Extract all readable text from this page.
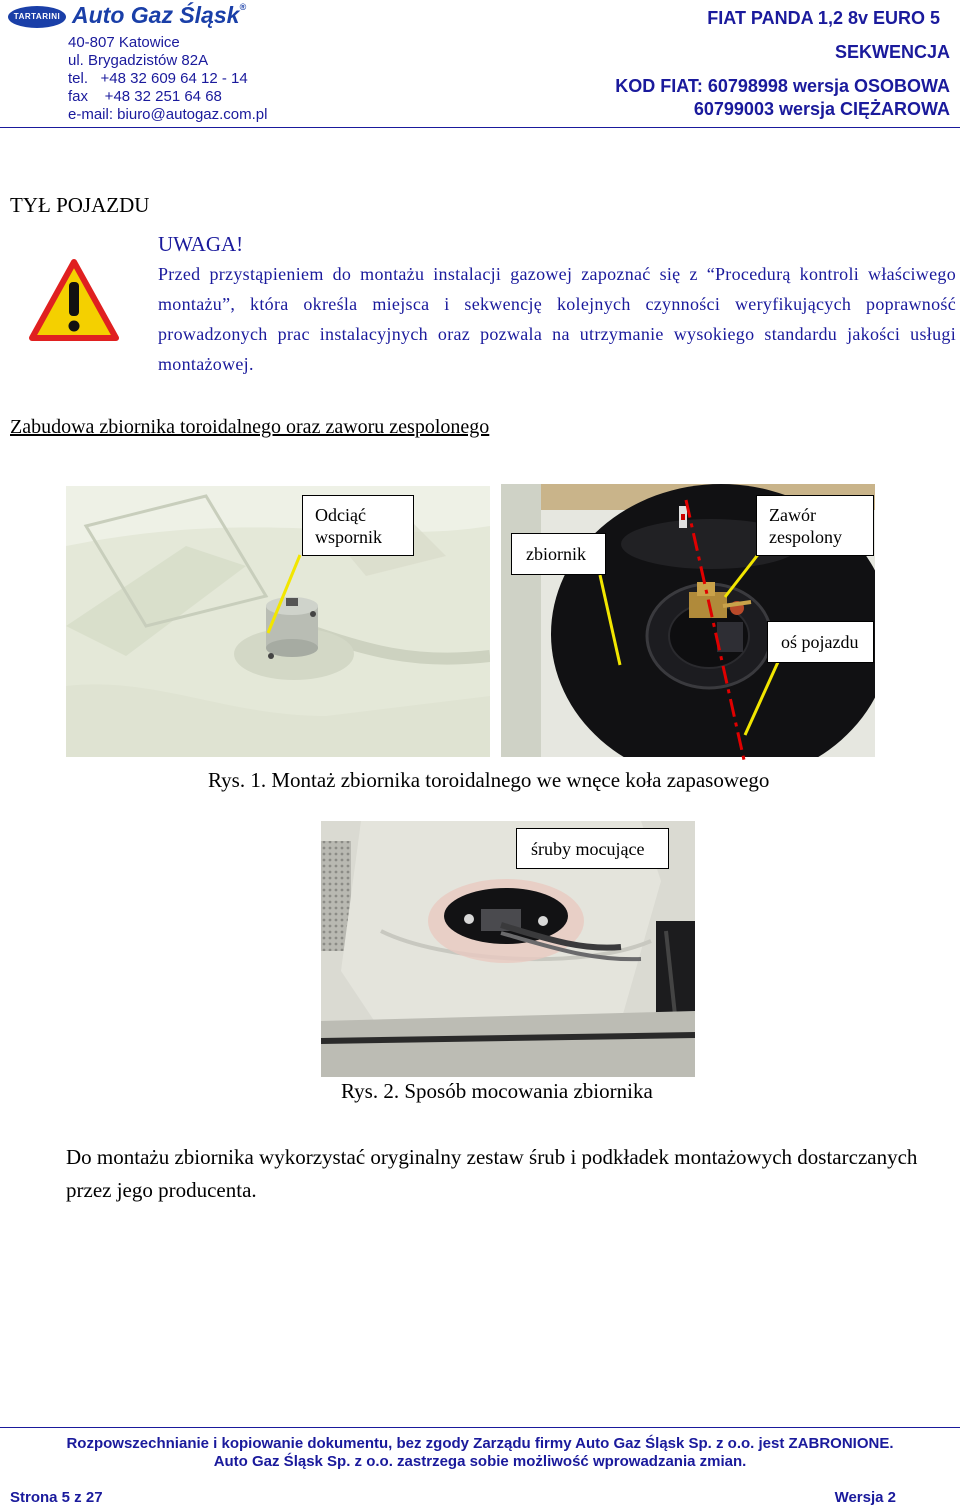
TARTARINI Auto Gaz Śląsk®
40-807 Katowice
ul. Brygadzistów 82A
tel.   +48 32 609 64 12 - 14
fax    +48 32 251 64 68
e-mail: biuro@autogaz.com.pl
FIAT PANDA 1,2 8v EURO 5
SEKWENCJA
KOD FIAT: 60798998 wersja OSOBOWA
60799003 wersja CIĘŻAROWA
TYŁ POJAZDU
UWAGA!
Przed przystąpieniem do montażu instalacji gazowej zapoznać się z “Procedurą kontroli właściwego montażu”, która określa miejsca i sekwencję kolejnych czynności weryfikujących poprawność prowadzonych prac instalacyjnych oraz pozwala na utrzymanie wysokiego standardu jakości usługi montażowej.
Zabudowa zbiornika toroidalnego oraz zaworu zespolonego
Odciąć wspornik
zbiornik
Zawór zespolony
oś pojazdu
Rys. 1. Montaż zbiornika toroidalnego we wnęce koła zapasowego
śruby mocujące
Rys. 2. Sposób mocowania zbiornika
Do montażu zbiornika wykorzystać oryginalny zestaw śrub i podkładek montażowych dostarczanych przez jego producenta.
Rozpowszechnianie i kopiowanie dokumentu, bez zgody Zarządu firmy Auto Gaz Śląsk Sp. z o.o. jest ZABRONIONE.
Auto Gaz Śląsk Sp. z o.o. zastrzega sobie możliwość wprowadzania zmian.
Strona 5 z 27	Wersja 2
